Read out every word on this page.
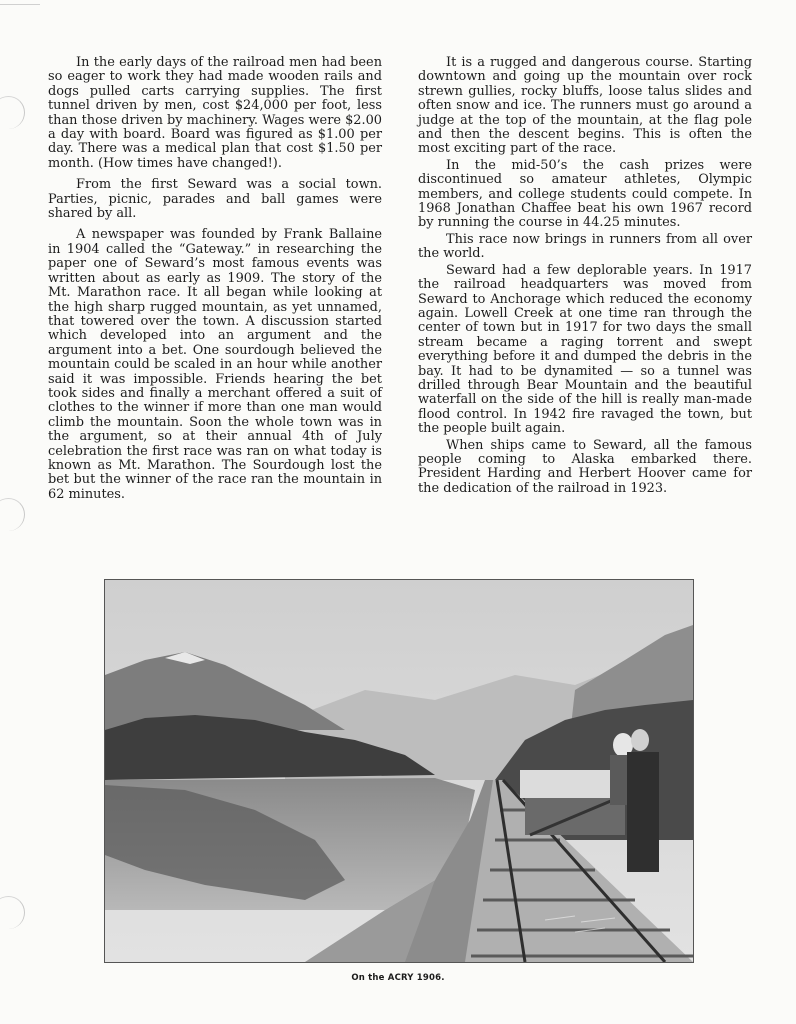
In the early days of the railroad men had been so eager to work they had made wooden rails and dogs pulled carts carrying supplies. The first tunnel driven by men, cost $24,000 per foot, less than those driven by machinery. Wages were $2.00 a day with board. Board was figured as $1.00 per day. There was a medical plan that cost $1.50 per month. (How times have changed!).

From the first Seward was a social town. Parties, picnic, parades and ball games were shared by all.

A newspaper was founded by Frank Ballaine in 1904 called the “Gateway.” in researching the paper one of Seward’s most famous events was written about as early as 1909. The story of the Mt. Marathon race. It all began while looking at the high sharp rugged mountain, as yet unnamed, that towered over the town. A discussion started which developed into an argument and the argument into a bet. One sourdough believed the mountain could be scaled in an hour while another said it was impossible. Friends hearing the bet took sides and finally a merchant offered a suit of clothes to the winner if more than one man would climb the mountain. Soon the whole town was in the argument, so at their annual 4th of July celebration the first race was ran on what today is known as Mt. Marathon. The Sourdough lost the bet but the winner of the race ran the mountain in 62 minutes.

It is a rugged and dangerous course. Starting downtown and going up the mountain over rock strewn gullies, rocky bluffs, loose talus slides and often snow and ice. The runners must go around a judge at the top of the mountain, at the flag pole and then the descent begins. This is often the most exciting part of the race.

In the mid-50’s the cash prizes were discontinued so amateur athletes, Olympic members, and college students could compete. In 1968 Jonathan Chaffee beat his own 1967 record by running the course in 44.25 minutes.

This race now brings in runners from all over the world.

Seward had a few deplorable years. In 1917 the railroad headquarters was moved from Seward to Anchorage which reduced the economy again. Lowell Creek at one time ran through the center of town but in 1917 for two days the small stream became a raging torrent and swept everything before it and dumped the debris in the bay. It had to be dynamited — so a tunnel was drilled through Bear Mountain and the beautiful waterfall on the side of the hill is really man-made flood control. In 1942 fire ravaged the town, but the people built again.

When ships came to Seward, all the famous people coming to Alaska embarked there. President Harding and Herbert Hoover came for the dedication of the railroad in 1923.

On the ACRY 1906.
